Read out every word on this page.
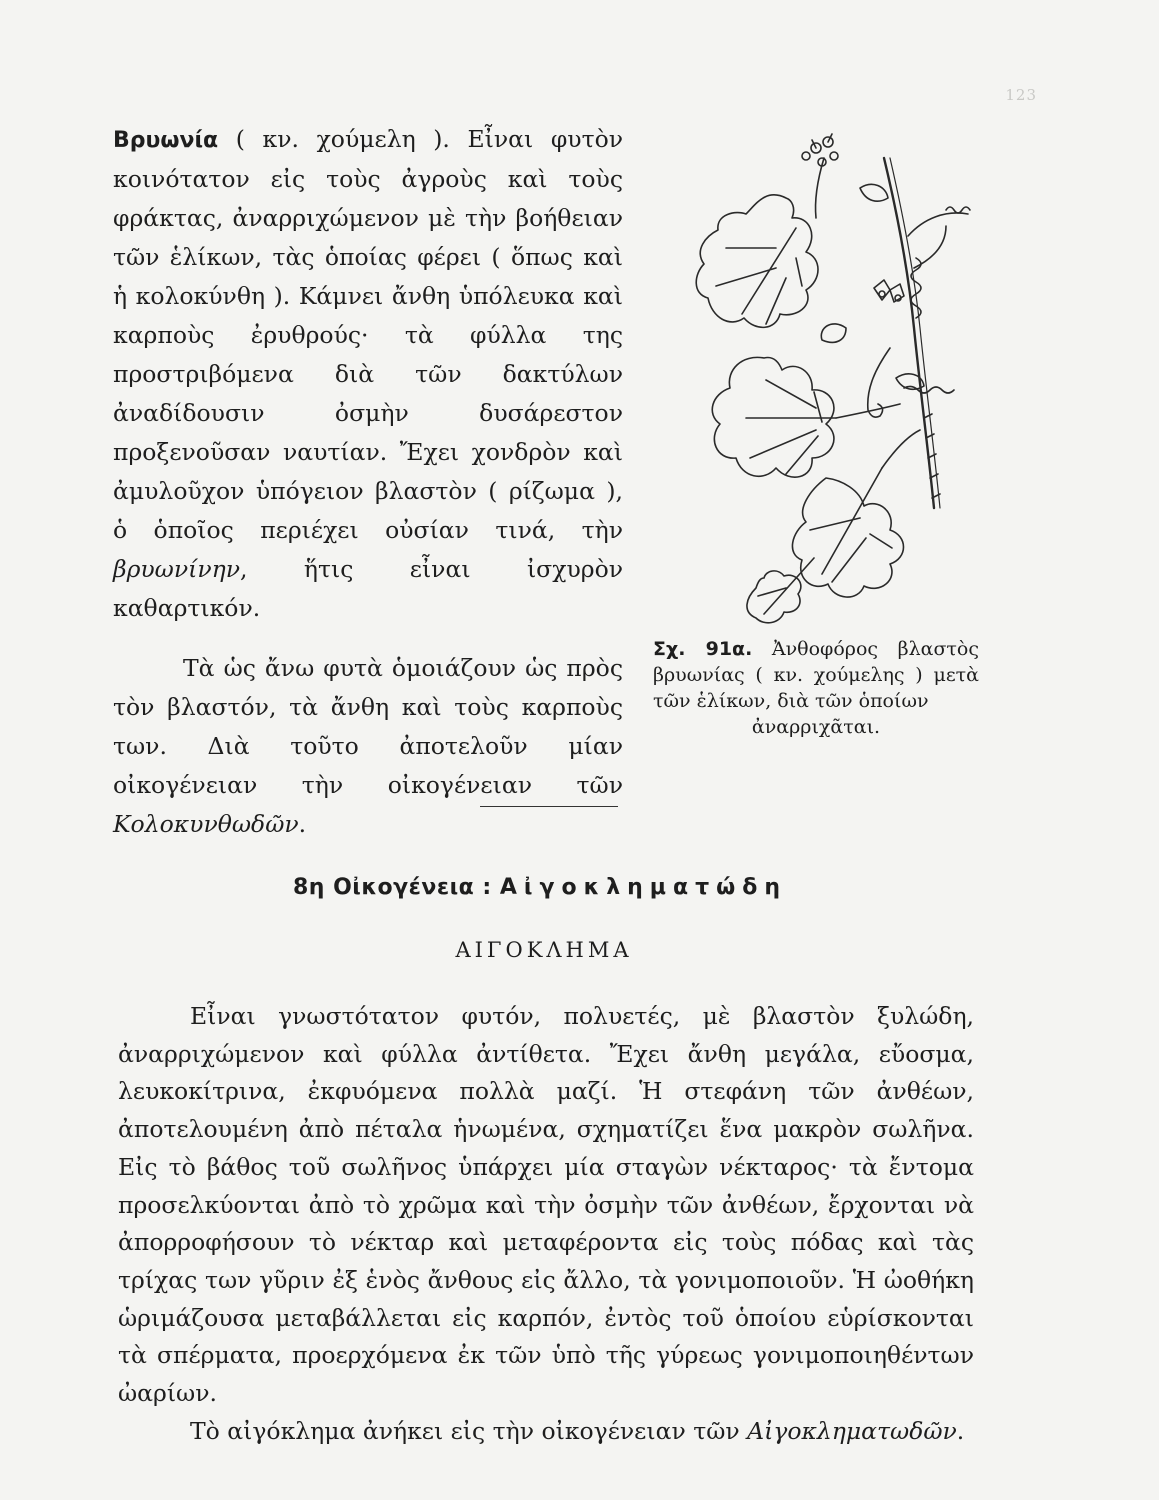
123

Βρυωνία ( κν. χούμελη ). Εἶναι φυτὸν κοινότατον εἰς τοὺς ἀγροὺς καὶ τοὺς φράκτας, ἀναρριχώμενον μὲ τὴν βοήθειαν τῶν ἑλίκων, τὰς ὁποίας φέρει ( ὅπως καὶ ἡ κολοκύνθη ). Κάμνει ἄνθη ὑπόλευκα καὶ καρποὺς ἐρυθρούς· τὰ φύλλα της προστριβόμενα διὰ τῶν δακτύλων ἀναδίδουσιν ὀσμὴν δυσάρεστον προξενοῦσαν ναυτίαν. Ἔχει χονδρὸν καὶ ἀμυλοῦχον ὑπόγειον βλαστὸν ( ρίζωμα ), ὁ ὁποῖος περιέχει οὐσίαν τινά, τὴν βρυωνίνην, ἥτις εἶναι ἰσχυρὸν καθαρτικόν.

Τὰ ὡς ἄνω φυτὰ ὁμοιάζουν ὡς πρὸς τὸν βλαστόν, τὰ ἄνθη καὶ τοὺς καρποὺς των. Διὰ τοῦτο ἀποτελοῦν μίαν οἰκογένειαν τὴν οἰκογένειαν τῶν Κολοκυνθωδῶν.

Σχ. 91α. Ἀνθοφόρος βλαστὸς βρυωνίας ( κν. χούμελης ) μετὰ τῶν ἑλίκων, διὰ τῶν ὁποίων
ἀναρριχᾶται.
8η Οἰκογένεια : Αἰγοκληματώδη
ΑΙΓΟΚΛΗΜΑ

Εἶναι γνωστότατον φυτόν, πολυετές, μὲ βλαστὸν ξυλώδη, ἀναρριχώμενον καὶ φύλλα ἀντίθετα. Ἔχει ἄνθη μεγάλα, εὔοσμα, λευκοκίτρινα, ἐκφυόμενα πολλὰ μαζί. Ἡ στεφάνη τῶν ἀνθέων, ἀποτελουμένη ἀπὸ πέταλα ἡνωμένα, σχηματίζει ἕνα μακρὸν σωλῆνα. Εἰς τὸ βάθος τοῦ σωλῆνος ὑπάρχει μία σταγὼν νέκταρος· τὰ ἔντομα προσελκύονται ἀπὸ τὸ χρῶμα καὶ τὴν ὀσμὴν τῶν ἀνθέων, ἔρχονται νὰ ἀπορροφήσουν τὸ νέκταρ καὶ μεταφέροντα εἰς τοὺς πόδας καὶ τὰς τρίχας των γῦριν ἐξ ἑνὸς ἄνθους εἰς ἄλλο, τὰ γονιμοποιοῦν. Ἡ ὠοθήκη ὡριμάζουσα μεταβάλλεται εἰς καρπόν, ἐντὸς τοῦ ὁποίου εὑρίσκονται τὰ σπέρματα, προερχόμενα ἐκ τῶν ὑπὸ τῆς γύρεως γονιμοποιηθέντων ὠαρίων.

Τὸ αἰγόκλημα ἀνήκει εἰς τὴν οἰκογένειαν τῶν Αἰγοκληματωδῶν.
